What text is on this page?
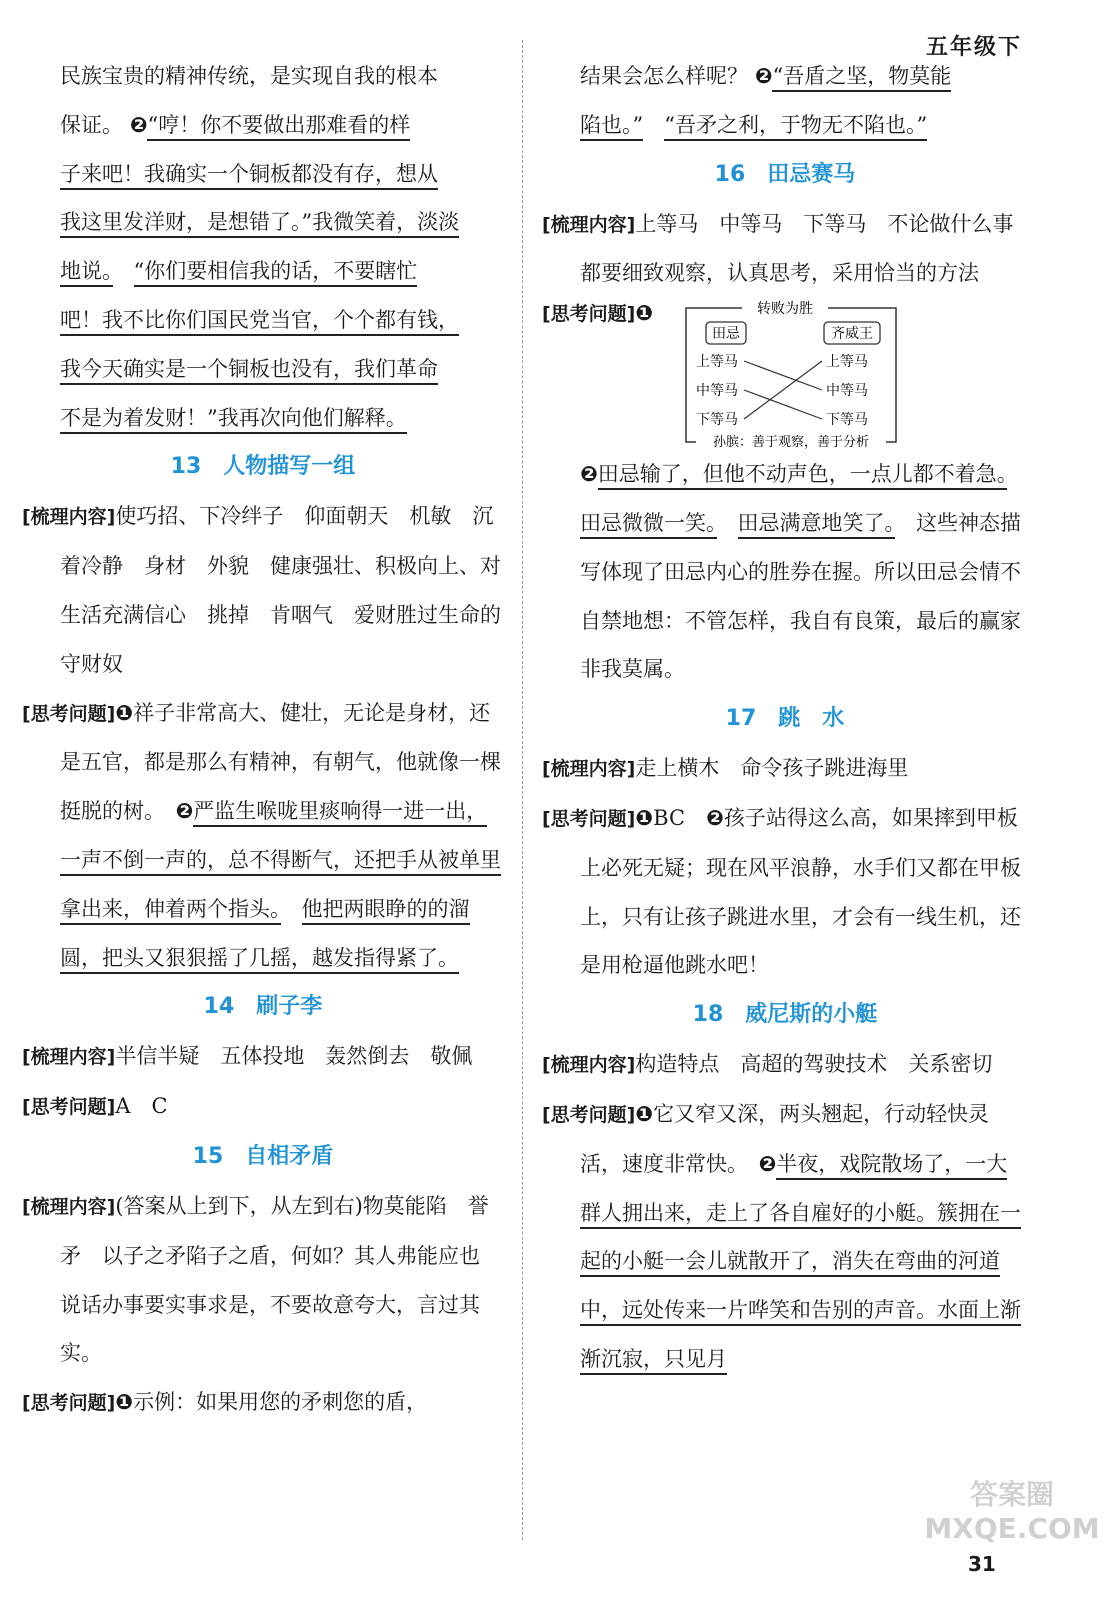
五年级下

民族宝贵的精神传统，是实现自我的根本

保证。 ❷“哼！你不要做出那难看的样

子来吧！我确实一个铜板都没有存，想从

我这里发洋财，是想错了。”我微笑着，淡淡

地说。　 “你们要相信我的话，不要瞎忙

吧！我不比你们国民党当官，个个都有钱，

我今天确实是一个铜板也没有，我们革命

不是为着发财！”我再次向他们解释。

13 人物描写一组

[梳理内容]使巧招、下冷绊子　仰面朝天　机敏　沉着冷静　身材　外貌　健康强壮、积极向上、对生活充满信心　挑掉　肯咽气　爱财胜过生命的守财奴

[思考问题]❶祥子非常高大、健壮，无论是身材，还是五官，都是那么有精神，有朝气，他就像一棵挺脱的树。　 ❷严监生喉咙里痰响得一进一出，一声不倒一声的，总不得断气，还把手从被单里拿出来，伸着两个指头。　 他把两眼睁的的溜圆，把头又狠狠摇了几摇，越发指得紧了。

14 刷子李

[梳理内容]半信半疑　五体投地　轰然倒去　敬佩

[思考问题]A　C

15 自相矛盾

[梳理内容](答案从上到下，从左到右)物莫能陷　誉矛　以子之矛陷子之盾，何如？其人弗能应也　说话办事要实事求是，不要故意夸大，言过其实。

[思考问题]❶示例：如果用您的矛刺您的盾，

结果会怎么样呢？ ❷“吾盾之坚，物莫能

陷也。”　 “吾矛之利，于物无不陷也。”

16 田忌赛马

[梳理内容]上等马　中等马　下等马　不论做什么事都要细致观察，认真思考，采用恰当的方法

[思考问题]❶	转败为胜
田忌	齐威王
上等马
中等马
下等马
上等马
中等马
下等马
孙膑：善于观察，善于分析

❷田忌输了，但他不动声色，一点儿都不着急。　田忌微微一笑。　 田忌满意地笑了。　 这些神态描写体现了田忌内心的胜券在握。所以田忌会情不自禁地想：不管怎样，我自有良策，最后的赢家非我莫属。

17 跳　水

[梳理内容]走上横木　命令孩子跳进海里

[思考问题]❶BC　 ❷孩子站得这么高，如果摔到甲板上必死无疑；现在风平浪静，水手们又都在甲板上，只有让孩子跳进水里，才会有一线生机，还是用枪逼他跳水吧！

18 威尼斯的小艇

[梳理内容]构造特点　高超的驾驶技术　关系密切

[思考问题]❶它又窄又深，两头翘起，行动轻快灵活，速度非常快。　 ❷半夜，戏院散场了，一大群人拥出来，走上了各自雇好的小艇。簇拥在一起的小艇一会儿就散开了，消失在弯曲的河道中，远处传来一片哗笑和告别的声音。水面上渐渐沉寂，只见月

答案圈 MXQE.COM
31
